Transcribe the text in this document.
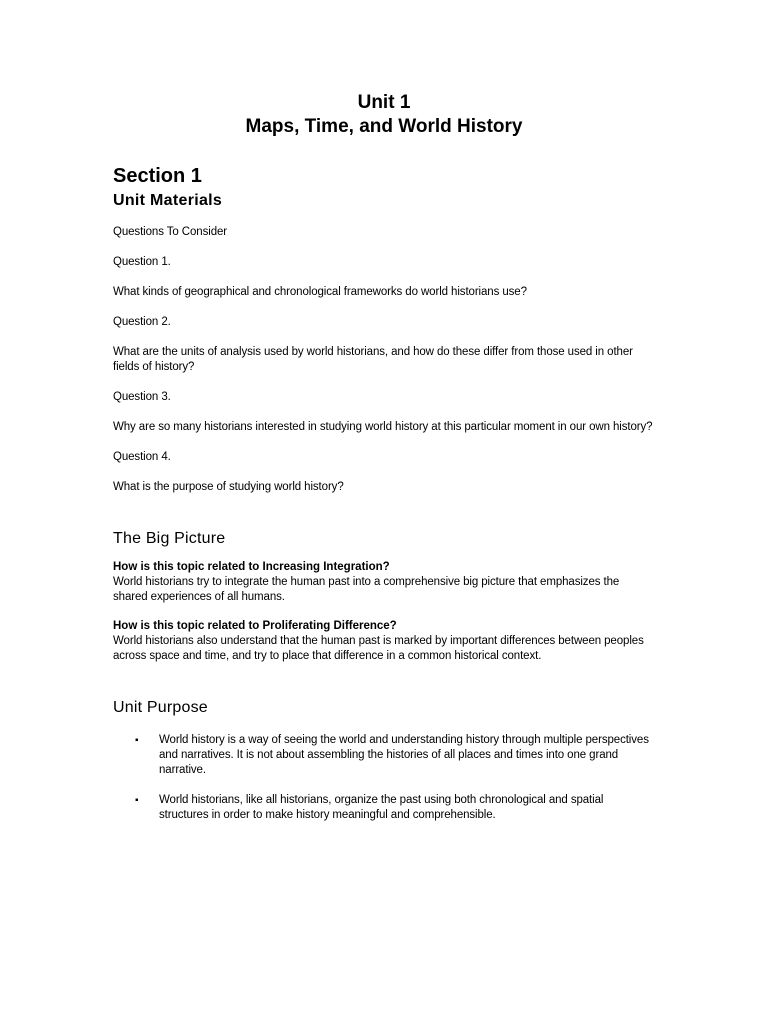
Unit 1

Maps, Time, and World History

Section 1

Unit Materials

Questions To Consider

Question 1.

What kinds of geographical and chronological frameworks do world historians use?

Question 2.

What are the units of analysis used by world historians, and how do these differ from those used in other fields of history?

Question 3.

Why are so many historians interested in studying world history at this particular moment in our own history?

Question 4.

What is the purpose of studying world history?

The Big Picture

How is this topic related to Increasing Integration?

World historians try to integrate the human past into a comprehensive big picture that emphasizes the shared experiences of all humans.

How is this topic related to Proliferating Difference?

World historians also understand that the human past is marked by important differences between peoples across space and time, and try to place that difference in a common historical context.

Unit Purpose

▪ World history is a way of seeing the world and understanding history through multiple perspectives and narratives. It is not about assembling the histories of all places and times into one grand narrative.
▪ World historians, like all historians, organize the past using both chronological and spatial structures in order to make history meaningful and comprehensible.
